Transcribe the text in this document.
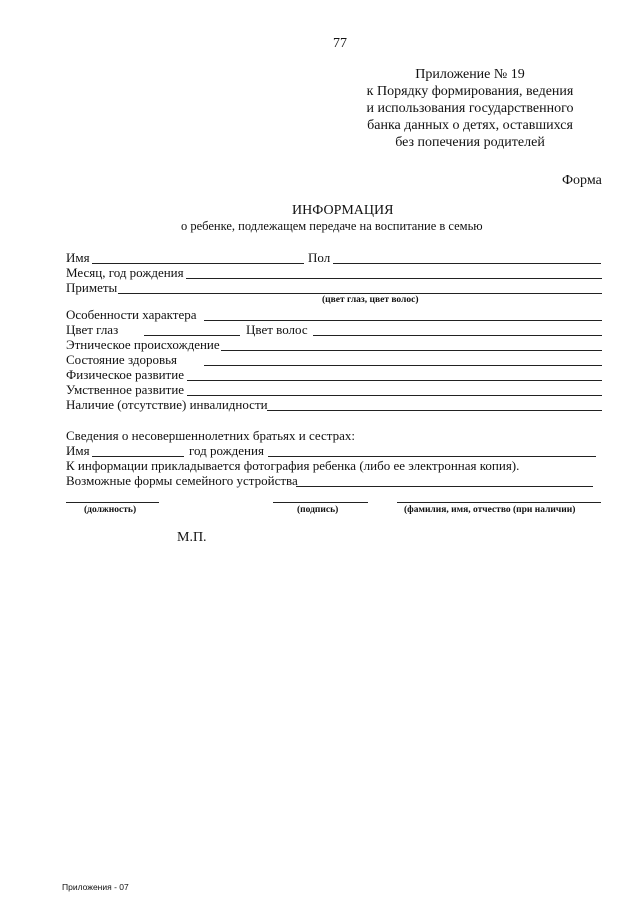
77
Приложение № 19
к Порядку формирования, ведения
и использования государственного
банка данных о детях, оставшихся
без попечения родителей
Форма
ИНФОРМАЦИЯ
о ребенке, подлежащем передаче на воспитание в семью
Имя	Пол
Месяц, год рождения
Приметы
(цвет глаз, цвет волос)
Особенности характера
Цвет глаз	Цвет волос
Этническое происхождение
Состояние здоровья
Физическое развитие
Умственное развитие
Наличие (отсутствие) инвалидности
Сведения о несовершеннолетних братьях и сестрах:
Имя	год рождения
К информации прикладывается фотография ребенка (либо ее электронная копия).
Возможные формы семейного устройства
(должность)	(подпись)	(фамилия, имя, отчество (при наличии)
М.П.
Приложения - 07
